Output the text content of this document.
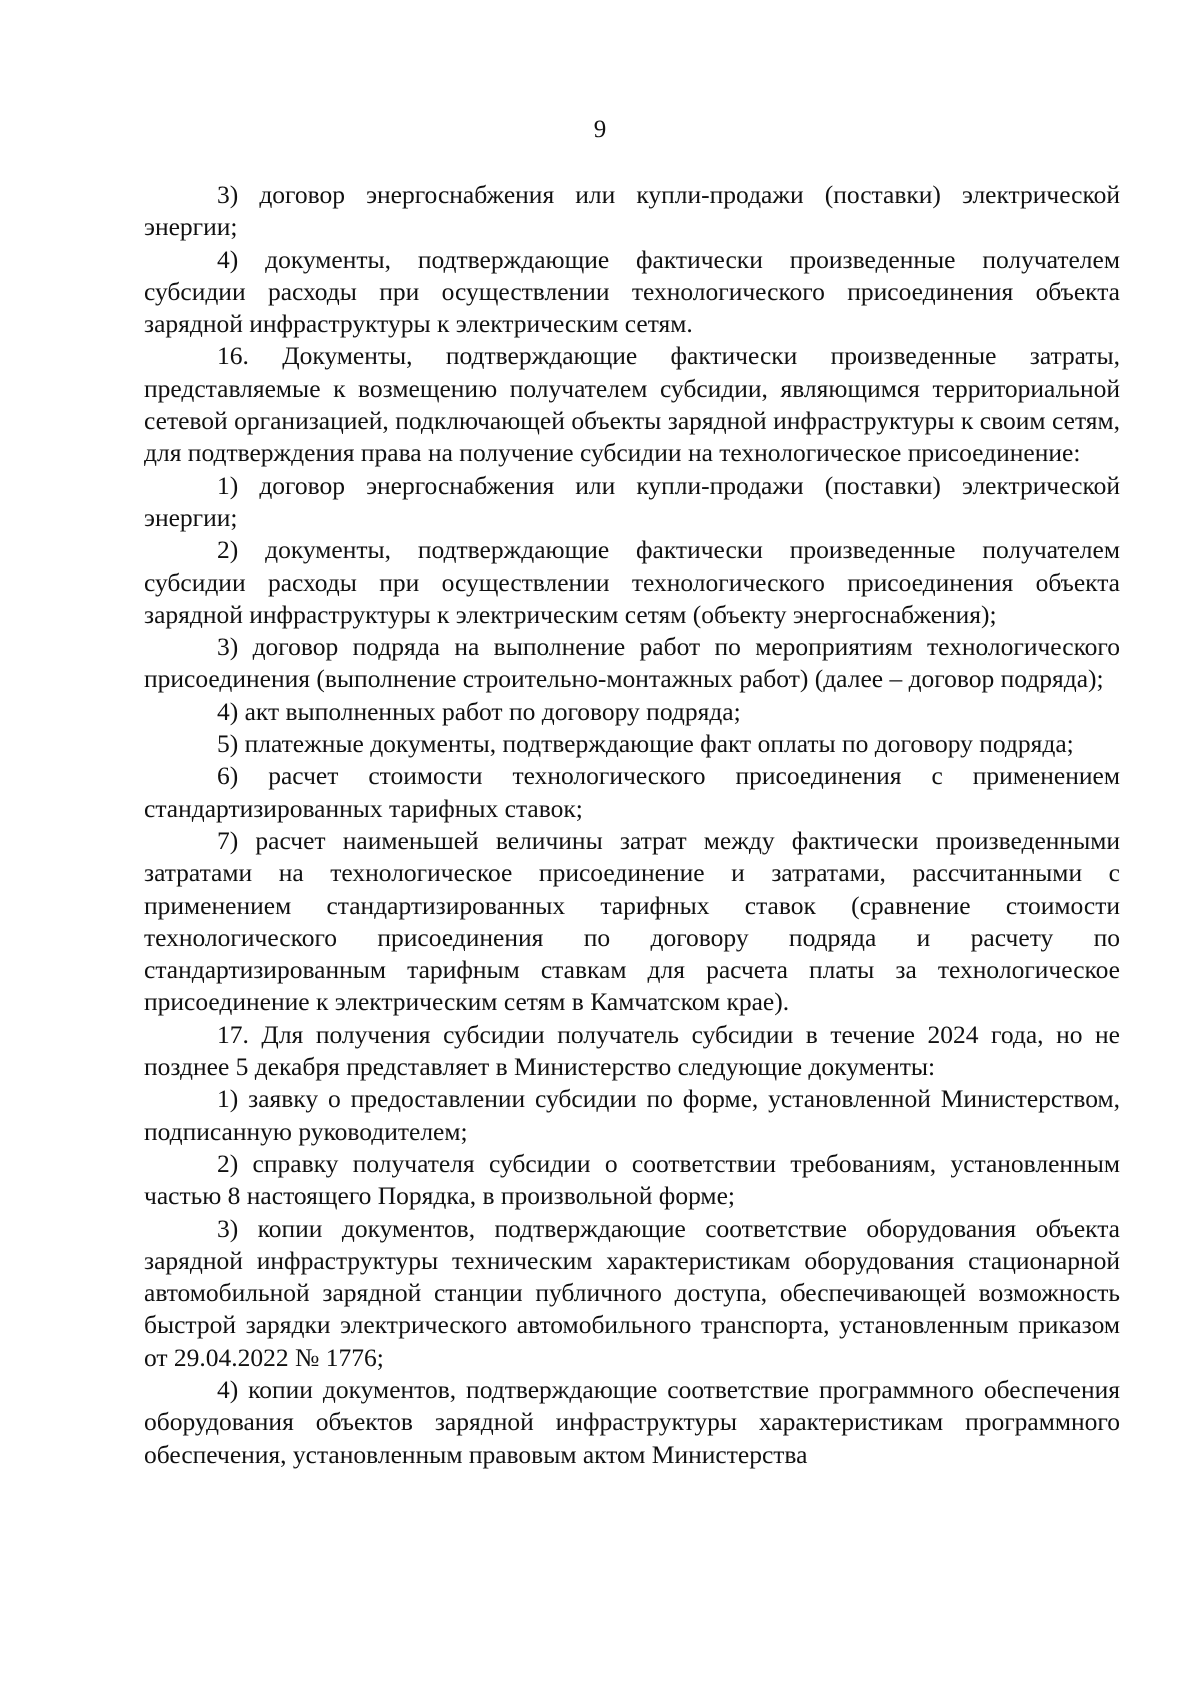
9

3) договор энергоснабжения или купли-продажи (поставки) электрической энергии;

4) документы, подтверждающие фактически произведенные получателем субсидии расходы при осуществлении технологического присоединения объекта зарядной инфраструктуры к электрическим сетям.

16. Документы, подтверждающие фактически произведенные затраты, представляемые к возмещению получателем субсидии, являющимся территориальной сетевой организацией, подключающей объекты зарядной инфраструктуры к своим сетям, для подтверждения права на получение субсидии на технологическое присоединение:

1) договор энергоснабжения или купли-продажи (поставки) электрической энергии;

2) документы, подтверждающие фактически произведенные получателем субсидии расходы при осуществлении технологического присоединения объекта зарядной инфраструктуры к электрическим сетям (объекту энергоснабжения);

3) договор подряда на выполнение работ по мероприятиям технологического присоединения (выполнение строительно-монтажных работ) (далее – договор подряда);

4) акт выполненных работ по договору подряда;

5) платежные документы, подтверждающие факт оплаты по договору подряда;

6) расчет стоимости технологического присоединения с применением стандартизированных тарифных ставок;

7) расчет наименьшей величины затрат между фактически произведенными затратами на технологическое присоединение и затратами, рассчитанными с применением стандартизированных тарифных ставок (сравнение стоимости технологического присоединения по договору подряда и расчету по стандартизированным тарифным ставкам для расчета платы за технологическое присоединение к электрическим сетям в Камчатском крае).

17. Для получения субсидии получатель субсидии в течение 2024 года, но не позднее 5 декабря представляет в Министерство следующие документы:

1) заявку о предоставлении субсидии по форме, установленной Министерством, подписанную руководителем;

2) справку получателя субсидии о соответствии требованиям, установленным частью 8 настоящего Порядка, в произвольной форме;

3) копии документов, подтверждающие соответствие оборудования объекта зарядной инфраструктуры техническим характеристикам оборудования стационарной автомобильной зарядной станции публичного доступа, обеспечивающей возможность быстрой зарядки электрического автомобильного транспорта, установленным приказом от 29.04.2022 № 1776;

4) копии документов, подтверждающие соответствие программного обеспечения оборудования объектов зарядной инфраструктуры характеристикам программного обеспечения, установленным правовым актом Министерства
